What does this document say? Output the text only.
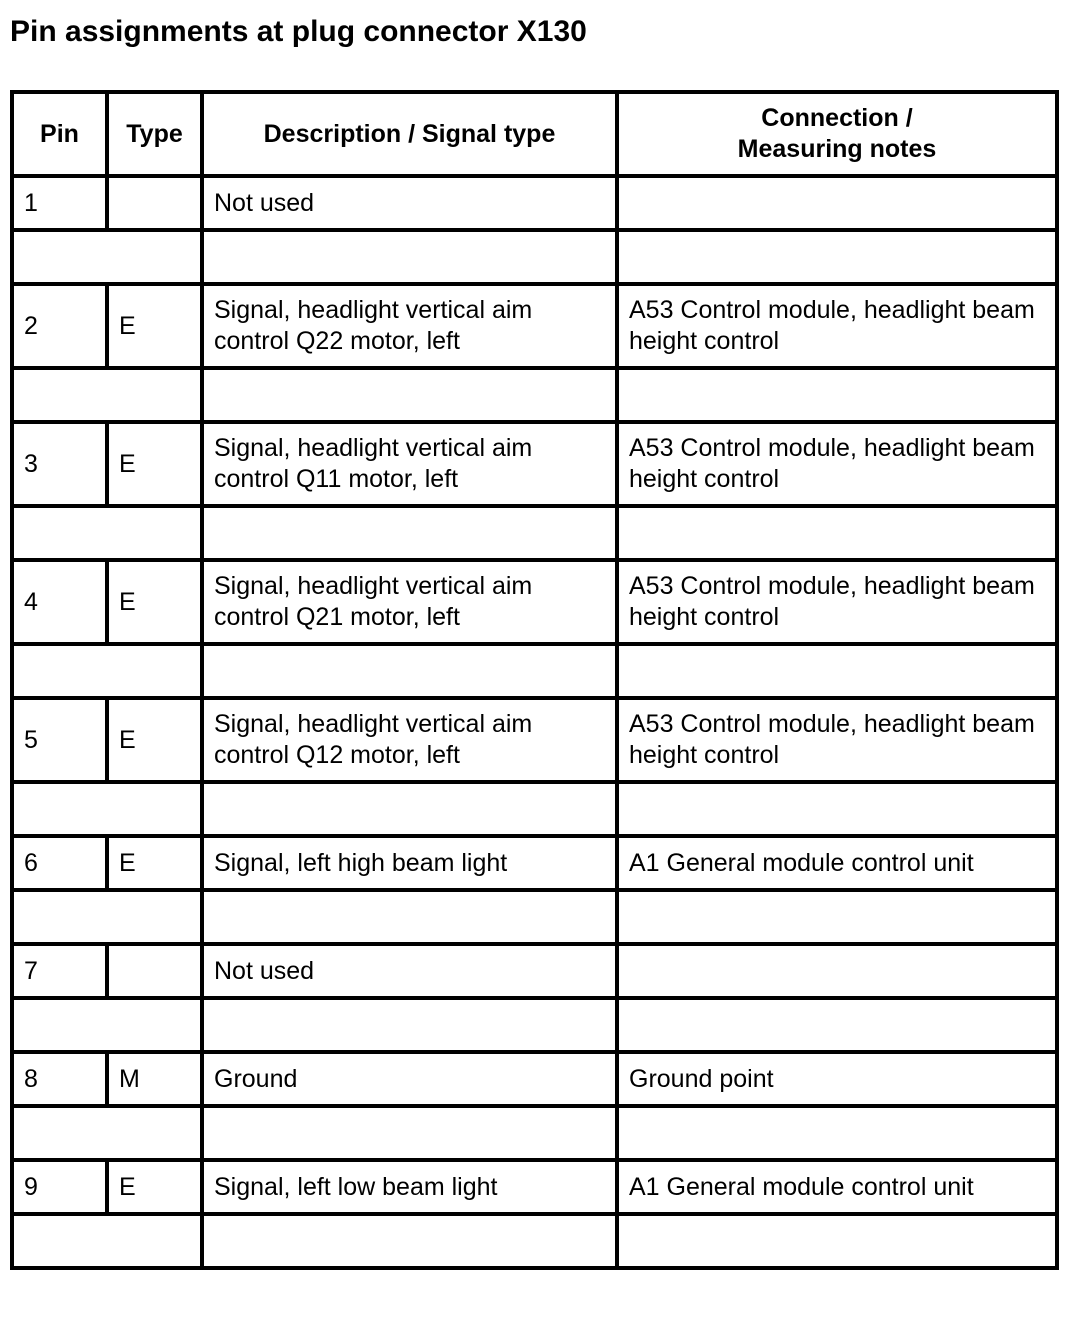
Pin assignments at plug connector X130
Pin	Type	Description / Signal type	Connection /
Measuring notes

1		Not used	

2	E	Signal, headlight vertical aim control Q22 motor, left	A53 Control module, headlight beam height control

3	E	Signal, headlight vertical aim control Q11 motor, left	A53 Control module, headlight beam height control

4	E	Signal, headlight vertical aim control Q21 motor, left	A53 Control module, headlight beam height control

5	E	Signal, headlight vertical aim control Q12 motor, left	A53 Control module, headlight beam height control

6	E	Signal, left high beam light	A1 General module control unit

7		Not used	

8	M	Ground	Ground point

9	E	Signal, left low beam light	A1 General module control unit
